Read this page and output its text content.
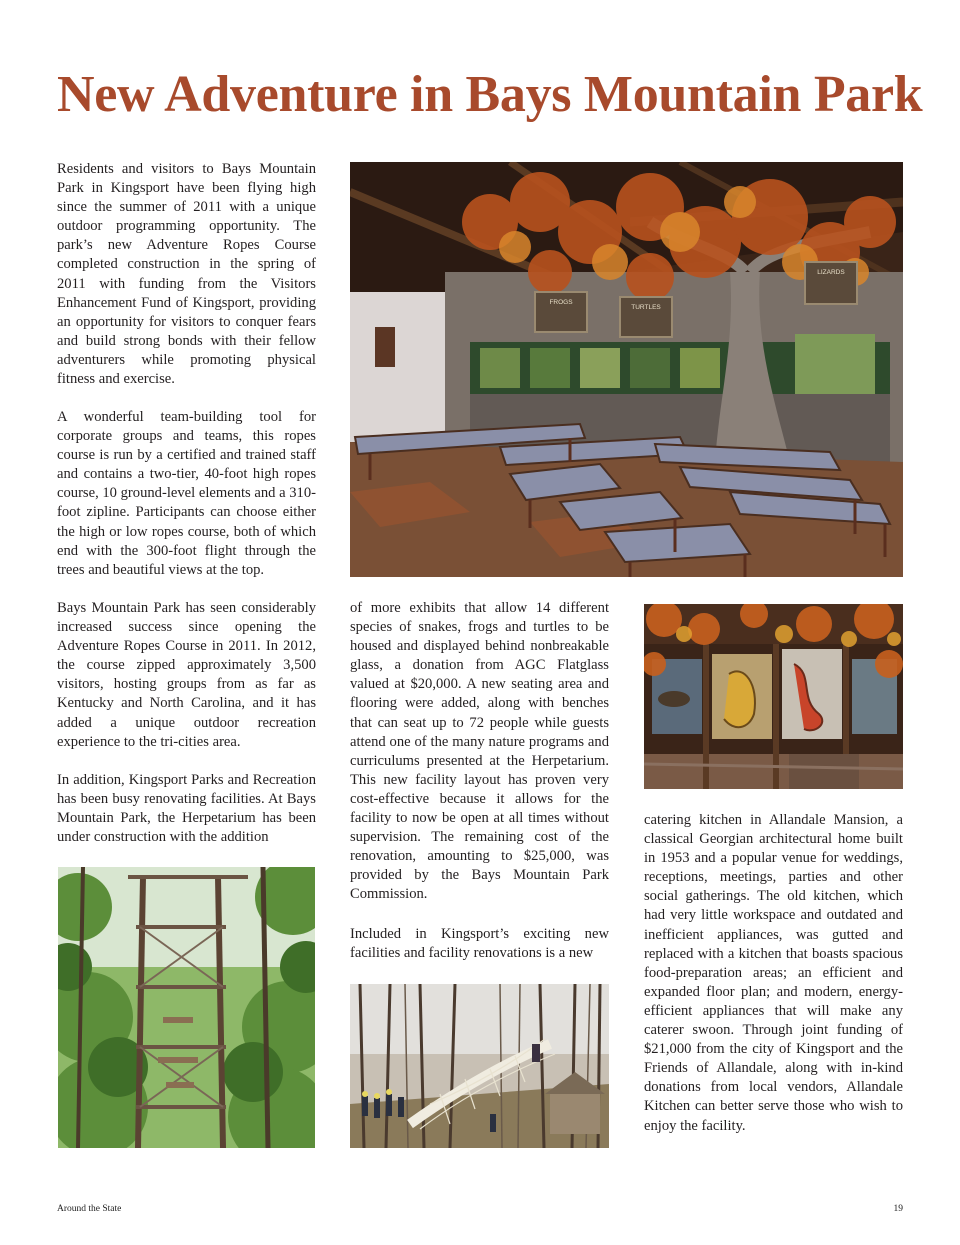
New Adventure in Bays Mountain Park

Residents and visitors to Bays Mountain Park in Kingsport have been flying high since the summer of 2011 with a unique outdoor programming opportunity. The park’s new Adventure Ropes Course completed construction in the spring of 2011 with funding from the Visitors Enhancement Fund of Kingsport, providing an opportunity for visitors to conquer fears and build strong bonds with their fellow adventurers while promoting physical fitness and exercise.

A wonderful team-building tool for corporate groups and teams, this ropes course is run by a certified and trained staff and contains a two-tier, 40-foot high ropes course, 10 ground-level elements and a 310-foot zipline. Participants can choose either the high or low ropes course, both of which end with the 300-foot flight through the trees and beautiful views at the top.

Bays Mountain Park has seen considerably increased success since opening the Adventure Ropes Course in 2011. In 2012, the course zipped approximately 3,500 visitors, hosting groups from as far as Kentucky and North Carolina, and it has added a unique outdoor recreation experience to the tri-cities area.

In addition, Kingsport Parks and Recreation has been busy renovating facilities. At Bays Mountain Park, the Herpetarium has been under construction with the addition

of more exhibits that allow 14 different species of snakes, frogs and turtles to be housed and displayed behind nonbreakable glass, a donation from AGC Flatglass valued at $20,000. A new seating area and flooring were added, along with benches that can seat up to 72 people while guests attend one of the many nature programs and curriculums presented at the Herpetarium. This new facility layout has proven very cost-effective because it allows for the facility to now be open at all times without supervision. The remaining cost of the renovation, amounting to $25,000, was provided by the Bays Mountain Park Commission.

Included in Kingsport’s exciting new facilities and facility renovations is a new

catering kitchen in Allandale Mansion, a classical Georgian architectural home built in 1953 and a popular venue for weddings, receptions, meetings, parties and other social gatherings. The old kitchen, which had very little workspace and outdated and inefficient appliances, was gutted and replaced with a kitchen that boasts spacious food-preparation areas; an efficient and expanded floor plan; and modern, energy-efficient appliances that will make any caterer swoon. Through joint funding of $21,000 from the city of Kingsport and the Friends of Allandale, along with in-kind donations from local vendors, Allandale Kitchen can better serve those who wish to enjoy the facility.

LIZARDS
FROGS
TURTLES
Around the State	19
